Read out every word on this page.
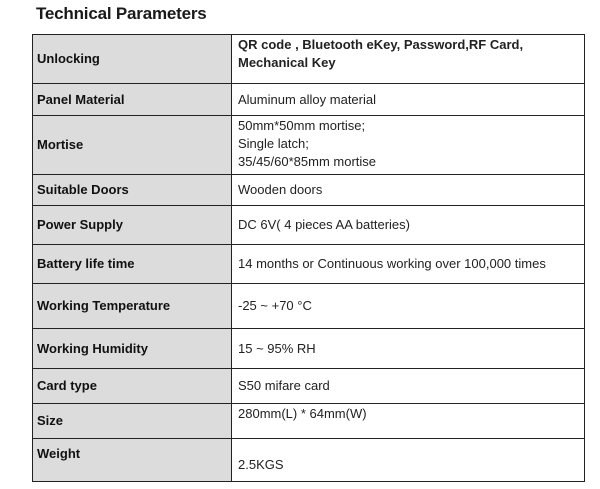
Technical Parameters
Unlocking	QR code , Bluetooth eKey, Password,RF Card,
Mechanical Key

Panel Material	Aluminum alloy material

Mortise	50mm*50mm mortise;
Single latch;
35/45/60*85mm mortise

Suitable Doors	Wooden doors

Power Supply	DC 6V( 4 pieces AA batteries)

Battery life time	14 months or Continuous working over 100,000 times

Working Temperature	-25 ~ +70 °C

Working Humidity	15 ~ 95% RH

Card type	S50 mifare card

Size	280mm(L) * 64mm(W)

Weight	2.5KGS
